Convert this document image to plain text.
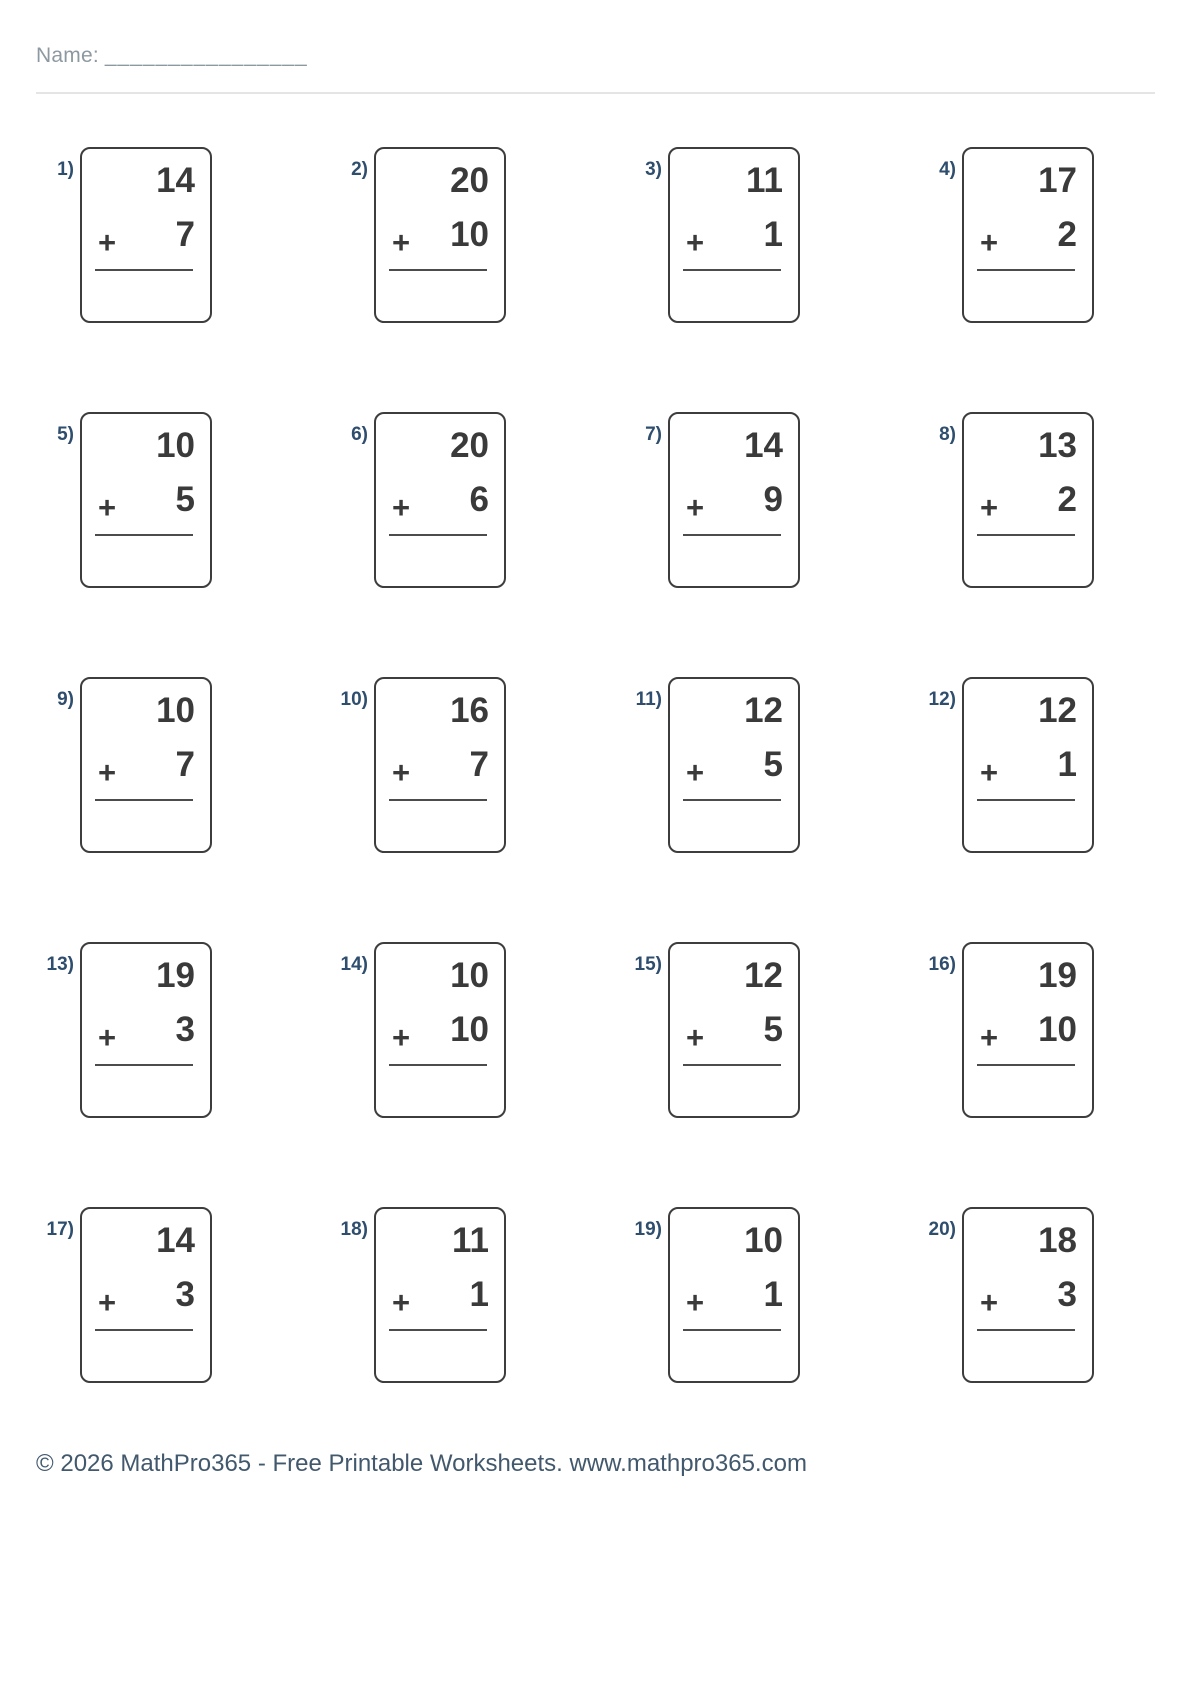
Name: ________________
1) 14
+ 7
2) 20
+ 10
3) 11
+ 1
4) 17
+ 2
5) 10
+ 5
6) 20
+ 6
7) 14
+ 9
8) 13
+ 2
9) 10
+ 7
10) 16
+ 7
11) 12
+ 5
12) 12
+ 1
13) 19
+ 3
14) 10
+ 10
15) 12
+ 5
16) 19
+ 10
17) 14
+ 3
18) 11
+ 1
19) 10
+ 1
20) 18
+ 3
© 2026 MathPro365 - Free Printable Worksheets. www.mathpro365.com
